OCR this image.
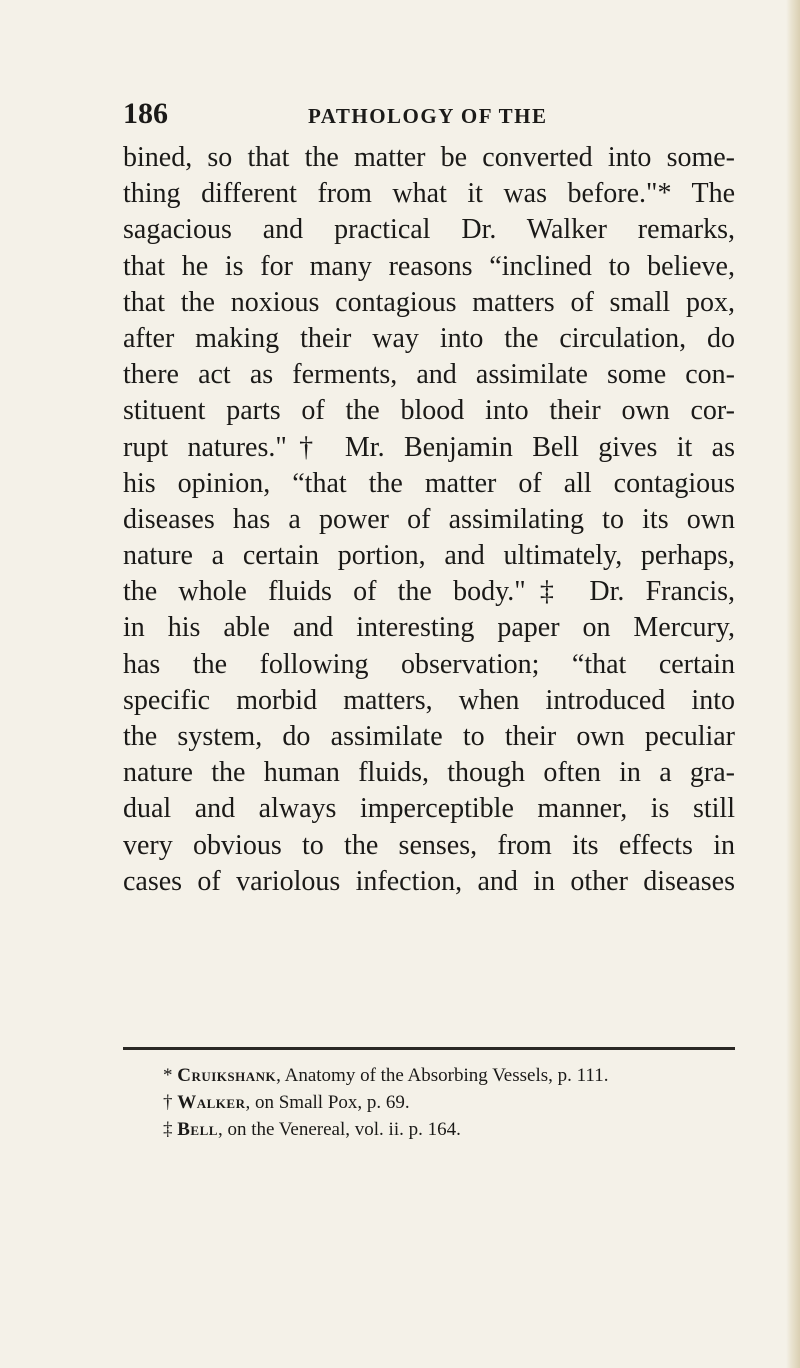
186	PATHOLOGY OF THE
bined, so that the matter be converted into some-
thing different from what it was before."* The
sagacious and practical Dr. Walker remarks,
that he is for many reasons “inclined to believe,
that the noxious contagious matters of small pox,
after making their way into the circulation, do
there act as ferments, and assimilate some con-
stituent parts of the blood into their own cor-
rupt natures."† Mr. Benjamin Bell gives it as
his opinion, “that the matter of all contagious
diseases has a power of assimilating to its own
nature a certain portion, and ultimately, perhaps,
the whole fluids of the body."‡ Dr. Francis,
in his able and interesting paper on Mercury,
has the following observation; “that certain
specific morbid matters, when introduced into
the system, do assimilate to their own peculiar
nature the human fluids, though often in a gra-
dual and always imperceptible manner, is still
very obvious to the senses, from its effects in
cases of variolous infection, and in other diseases
* Cruikshank, Anatomy of the Absorbing Vessels, p. 111.
† Walker, on Small Pox, p. 69.
‡ Bell, on the Venereal, vol. ii. p. 164.
